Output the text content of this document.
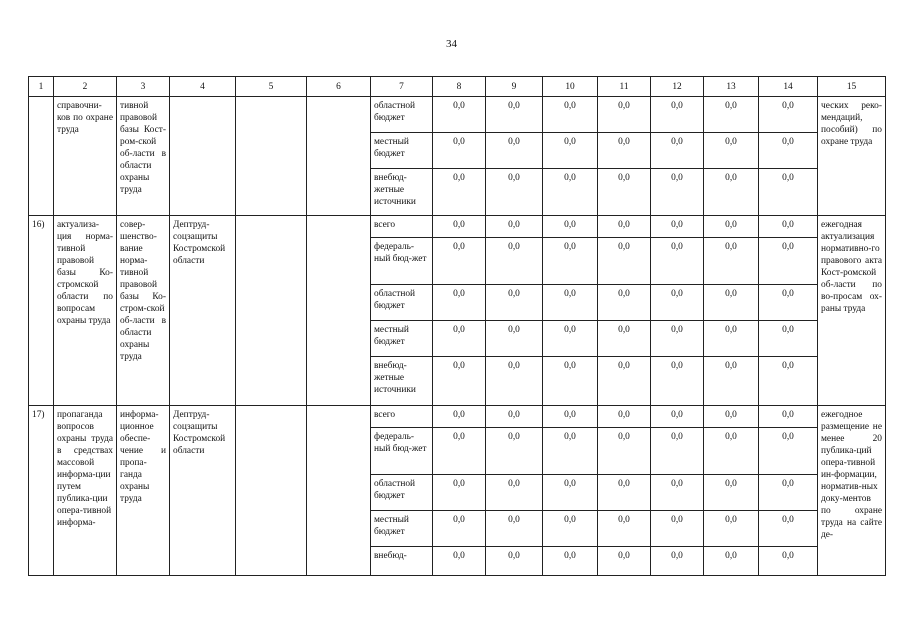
34
1	2	3	4	5	6	7	8	9	10	11	12	13	14	15
	справочни-ков по охране труда	тивной правовой базы Кост-ром-ской об-ласти в области охраны труда				областной бюджет	0,0	0,0	0,0	0,0	0,0	0,0	0,0	ческих реко-мендаций, пособий) по охране труда
						местный бюджет	0,0	0,0	0,0	0,0	0,0	0,0	0,0	
						внебюд-жетные источники	0,0	0,0	0,0	0,0	0,0	0,0	0,0	
16)	актуализа-ция норма-тивной правовой базы Ко-стромской области по вопросам охраны труда	совер-шенство-вание норма-тивной правовой базы Ко-стром-ской об-ласти в области охраны труда	Дептруд-соцзащиты Костромской области			всего	0,0	0,0	0,0	0,0	0,0	0,0	0,0	ежегодная актуализация нормативно-го правового акта Кост-ромской об-ласти по во-просам ох-раны труда
						федераль-ный бюд-жет	0,0	0,0	0,0	0,0	0,0	0,0	0,0	
						областной бюджет	0,0	0,0	0,0	0,0	0,0	0,0	0,0	
						местный бюджет	0,0	0,0	0,0	0,0	0,0	0,0	0,0	
						внебюд-жетные источники	0,0	0,0	0,0	0,0	0,0	0,0	0,0	
17)	пропаганда вопросов охраны труда в средствах массовой информа-ции путем публика-ции опера-тивной информа-	информа-ционное обеспе-чение и пропа-ганда охраны труда	Дептруд-соцзащиты Костромской области			всего	0,0	0,0	0,0	0,0	0,0	0,0	0,0	ежегодное размещение не менее 20 публика-ций опера-тивной ин-формации, норматив-ных доку-ментов по охране труда на сайте де-
						федераль-ный бюд-жет	0,0	0,0	0,0	0,0	0,0	0,0	0,0	
						областной бюджет	0,0	0,0	0,0	0,0	0,0	0,0	0,0	
						местный бюджет	0,0	0,0	0,0	0,0	0,0	0,0	0,0	
						внебюд-	0,0	0,0	0,0	0,0	0,0	0,0	0,0	
